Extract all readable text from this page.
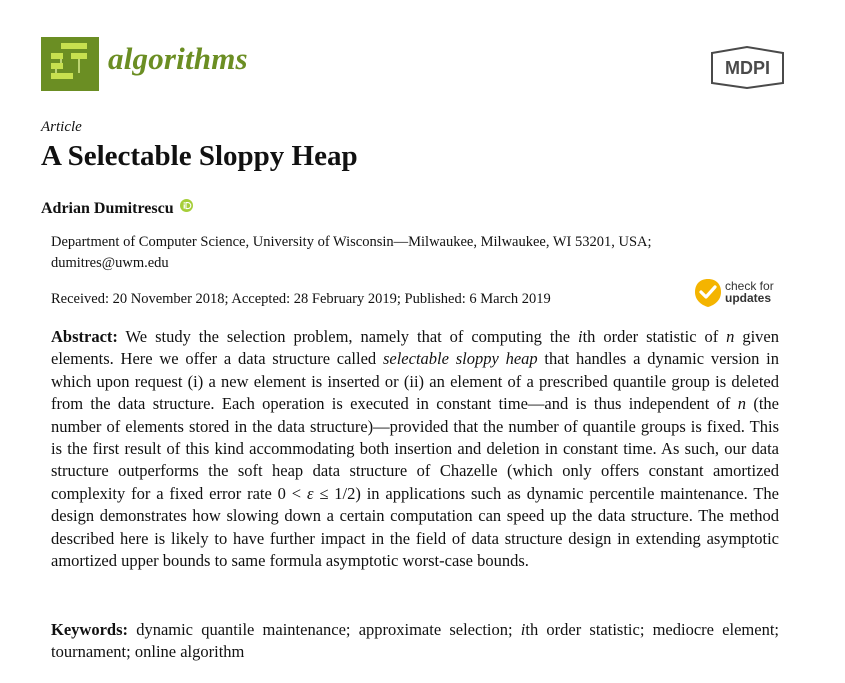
algorithms	MDPI
Article
A Selectable Sloppy Heap
Adrian Dumitrescu
Department of Computer Science, University of Wisconsin—Milwaukee, Milwaukee, WI 53201, USA;
dumitres@uwm.edu
Received: 20 November 2018; Accepted: 28 February 2019; Published: 6 March 2019
check for
updates

Abstract: We study the selection problem, namely that of computing the ith order statistic of n given elements. Here we offer a data structure called selectable sloppy heap that handles a dynamic version in which upon request (i) a new element is inserted or (ii) an element of a prescribed quantile group is deleted from the data structure. Each operation is executed in constant time—and is thus independent of n (the number of elements stored in the data structure)—provided that the number of quantile groups is fixed. This is the first result of this kind accommodating both insertion and deletion in constant time. As such, our data structure outperforms the soft heap data structure of Chazelle (which only offers constant amortized complexity for a fixed error rate 0 < ε ≤ 1/2) in applications such as dynamic percentile maintenance. The design demonstrates how slowing down a certain computation can speed up the data structure. The method described here is likely to have further impact in the field of data structure design in extending asymptotic amortized upper bounds to same formula asymptotic worst-case bounds.

Keywords: dynamic quantile maintenance; approximate selection; ith order statistic; mediocre element; tournament; online algorithm
